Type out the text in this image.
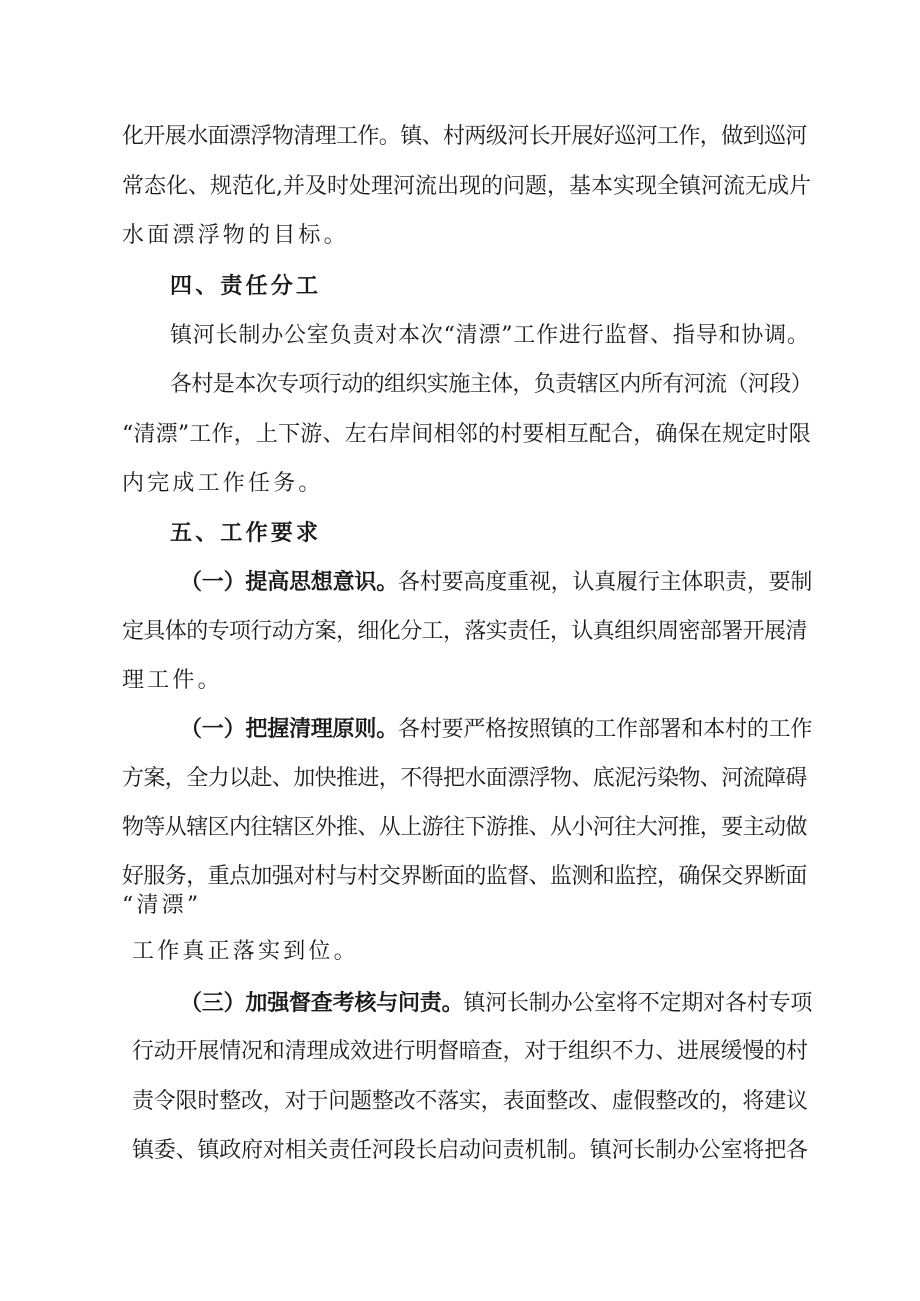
化开展水面漂浮物清理工作。镇、村两级河长开展好巡河工作，做到巡河
常态化、规范化,并及时处理河流出现的问题，基本实现全镇河流无成片
水面漂浮物的目标。
四、责任分工
镇河长制办公室负责对本次“清漂”工作进行监督、指导和协调。
各村是本次专项行动的组织实施主体，负责辖区内所有河流（河段）
“清漂”工作，上下游、左右岸间相邻的村要相互配合，确保在规定时限
内完成工作任务。
五、工作要求
（一）提高思想意识。各村要高度重视，认真履行主体职责，要制
定具体的专项行动方案，细化分工，落实责任，认真组织周密部署开展清
理工件。
（一）把握清理原则。各村要严格按照镇的工作部署和本村的工作
方案，全力以赴、加快推进，不得把水面漂浮物、底泥污染物、河流障碍
物等从辖区内往辖区外推、从上游往下游推、从小河往大河推，要主动做
好服务，重点加强对村与村交界断面的监督、监测和监控，确保交界断面
“清漂”
工作真正落实到位。
（三）加强督查考核与问责。镇河长制办公室将不定期对各村专项
行动开展情况和清理成效进行明督暗查，对于组织不力、进展缓慢的村
责令限时整改，对于问题整改不落实，表面整改、虚假整改的，将建议
镇委、镇政府对相关责任河段长启动问责机制。镇河长制办公室将把各
